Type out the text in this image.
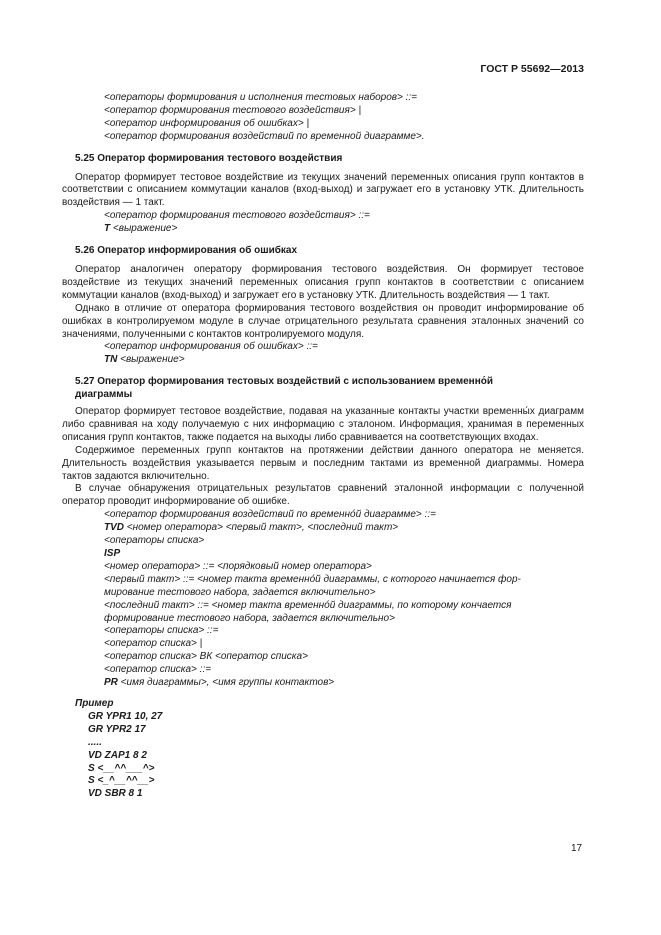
ГОСТ Р 55692—2013
<операторы формирования и исполнения тестовых наборов> ::=
<оператор формирования тестового воздействия> |
<оператор информирования об ошибках> |
<оператор формирования воздействий по временной диаграмме>.
5.25 Оператор формирования тестового воздействия

Оператор формирует тестовое воздействие из текущих значений переменных описания групп контактов в соответствии с описанием коммутации каналов (вход-выход) и загружает его в установку УТК. Длительность воздействия — 1 такт.

<оператор формирования тестового воздействия> ::=
T <выражение>
5.26 Оператор информирования об ошибках

Оператор аналогичен оператору формирования тестового воздействия. Он формирует тестовое воздействие из текущих значений переменных описания групп контактов в соответствии с описанием коммутации каналов (вход-выход) и загружает его в установку УТК. Длительность воздействия — 1 такт.

Однако в отличие от оператора формирования тестового воздействия он проводит информирование об ошибках в контролируемом модуле в случае отрицательного результата сравнения эталонных значений со значениями, полученными с контактов контролируемого модуля.

<оператор информирования об ошибках> ::=
TN <выражение>
5.27 Оператор формирования тестовых воздействий с использованием временно́й
диаграммы

Оператор формирует тестовое воздействие, подавая на указанные контакты участки временны́х диаграмм либо сравнивая на ходу получаемую с них информацию с эталоном. Информация, хранимая в переменных описания групп контактов, также подается на выходы либо сравнивается на соответствующих входах.

Содержимое переменных групп контактов на протяжении действии данного оператора не меняется. Длительность воздействия указывается первым и последним тактами из временной диаграммы. Номера тактов задаются включительно.

В случае обнаружения отрицательных результатов сравнений эталонной информации с полученной оператор проводит информирование об ошибке.

<оператор формирования воздействий по временно́й диаграмме> ::=
TVD <номер оператора> <первый такт>, <последний такт>
<операторы списка>
ISP
<номер оператора> ::= <порядковый номер оператора>
<первый такт> ::= <номер такта временно́й диаграммы, с которого начинается фор-
мирование тестового набора, задается включительно>
<последний такт> ::= <номер такта временно́й диаграммы, по которому кончается
формирование тестового набора, задается включительно>
<операторы списка> ::=
<оператор списка> |
<оператор списка> ВК <оператор списка>
<оператор списка> ::=
PR <имя диаграммы>, <имя группы контактов>
Пример
GR YPR1 10, 27
GR YPR2 17
.....
VD ZAP1 8 2
S <__^^___^>
S <_^__^^__>
VD SBR 8 1
17
